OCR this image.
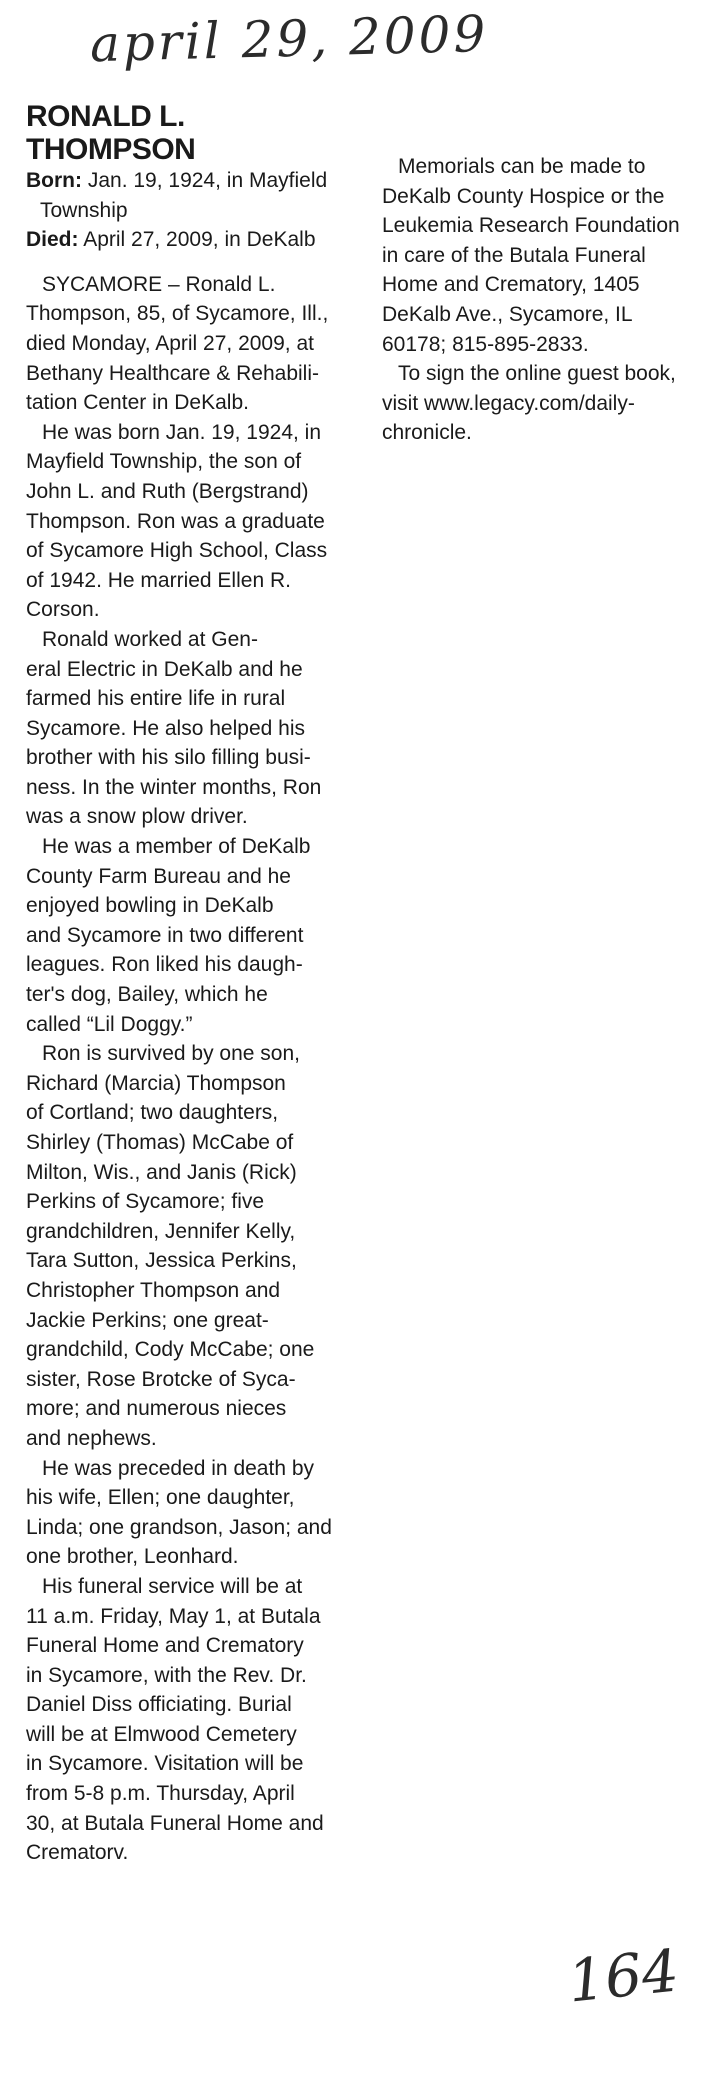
april 29, 2009
RONALD L.
THOMPSON
Born: Jan. 19, 1924, in Mayfield
Township
Died: April 27, 2009, in DeKalb
SYCAMORE – Ronald L.
Thompson, 85, of Sycamore, Ill.,
died Monday, April 27, 2009, at
Bethany Healthcare & Rehabili-
tation Center in DeKalb.
He was born Jan. 19, 1924, in
Mayfield Township, the son of
John L. and Ruth (Bergstrand)
Thompson. Ron was a graduate
of Sycamore High School, Class
of 1942. He married Ellen R.
Corson.
Ronald worked at Gen-
eral Electric in DeKalb and he
farmed his entire life in rural
Sycamore. He also helped his
brother with his silo filling busi-
ness. In the winter months, Ron
was a snow plow driver.
He was a member of DeKalb
County Farm Bureau and he
enjoyed bowling in DeKalb
and Sycamore in two different
leagues. Ron liked his daugh-
ter's dog, Bailey, which he
called “Lil Doggy.”
Ron is survived by one son,
Richard (Marcia) Thompson
of Cortland; two daughters,
Shirley (Thomas) McCabe of
Milton, Wis., and Janis (Rick)
Perkins of Sycamore; five
grandchildren, Jennifer Kelly,
Tara Sutton, Jessica Perkins,
Christopher Thompson and
Jackie Perkins; one great-
grandchild, Cody McCabe; one
sister, Rose Brotcke of Syca-
more; and numerous nieces
and nephews.
He was preceded in death by
his wife, Ellen; one daughter,
Linda; one grandson, Jason; and
one brother, Leonhard.
His funeral service will be at
11 a.m. Friday, May 1, at Butala
Funeral Home and Crematory
in Sycamore, with the Rev. Dr.
Daniel Diss officiating. Burial
will be at Elmwood Cemetery
in Sycamore. Visitation will be
from 5-8 p.m. Thursday, April
30, at Butala Funeral Home and
Crematorv.
Memorials can be made to
DeKalb County Hospice or the
Leukemia Research Foundation
in care of the Butala Funeral
Home and Crematory, 1405
DeKalb Ave., Sycamore, IL
60178; 815-895-2833.
To sign the online guest book,
visit www.legacy.com/daily-
chronicle.
164
